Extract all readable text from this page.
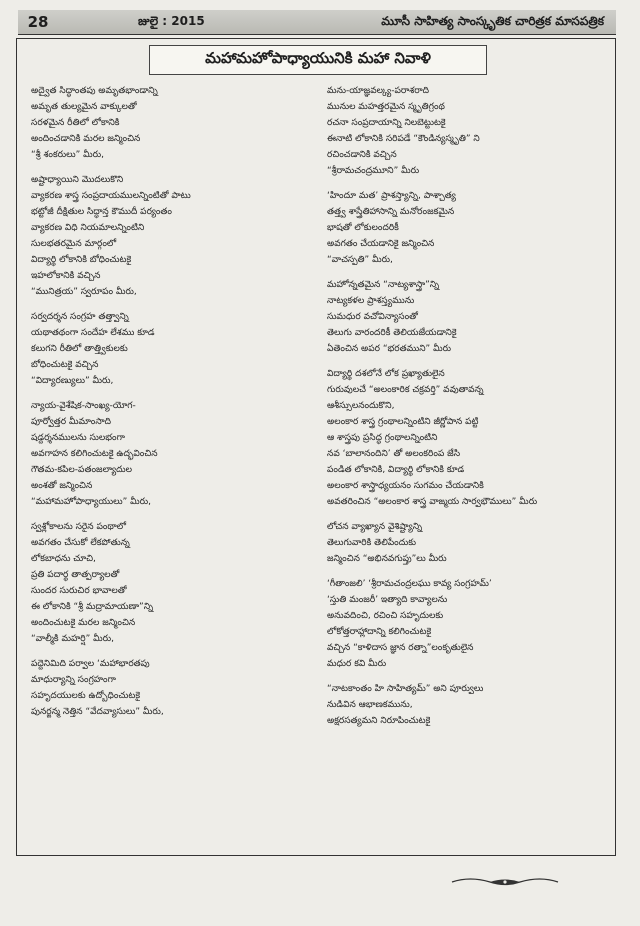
28	జులై : 2015	మూసీ సాహిత్య సాంస్కృతిక చారిత్రక మాసపత్రిక
మహామహోపాధ్యాయునికి మహా నివాళి
అద్వైత సిద్ధాంతపు అమృతభాండాన్ని
అమృత తుల్యమైన వాక్కులతో
సరళమైన రీతిలో లోకానికి
అందించడానికి మరల జన్మించిన
“శ్రీ శంకరులు” మీరు,
అష్టాధ్యాయిని మొదలుకొని
వ్యాకరణ శాస్త్ర సంప్రదాయములన్నింటితో పాటు
భట్టోజీ దీక్షితుల సిద్ధాన్త కౌముదీ పర్యంతం
వ్యాకరణ విధి నియమాలన్నింటిని
సులభతరమైన మార్గంలో
విద్యార్థి లోకానికి బోధించుటకై
ఇహలోకానికి వచ్చిన
“మునిత్రయ” స్వరూపం మీరు,
సర్వదర్శన సంగ్రహ తత్త్వాన్ని
యథాతథంగా సందేహ లేశము కూడ
కలుగని రీతిలో తాత్త్వికులకు
బోధించుటకై వచ్చిన
“విద్యారణ్యులు” మీరు,
న్యాయ-వైశేషిక-సాంఖ్య-యోగ-
పూర్వోత్తర మీమాంసాది
షడ్దర్శనములను సులభంగా
అవగాహన కలిగించుటకై ఉద్భవించిన
గౌతమ-కపిల-పతంజల్యాదుల
అంశతో జన్మించిన
“మహామహోపాధ్యాయులు” మీరు,
స్వశ్లోకాలను సరైన పంథాలో
అవగతం చేసుకో లేకపోతున్న
లోకబాధను చూచి,
ప్రతి పదార్థ తాత్పర్యాలతో
సుందర సురుచిర భావాలతో
ఈ లోకానికి “శ్రీ మద్రామాయణా”న్ని
అందించుటకై మరల జన్మించిన
“వాల్మీకి మహర్షి” మీరు,
పద్దెనిమిది పర్వాల ‘మహాభారతపు
మాధుర్యాన్ని సంగ్రహంగా
సహృదయులకు ఉద్బోధించుటకై
పునర్జన్మ నెత్తిన “వేదవ్యాసులు” మీరు,
మను-యాజ్ఞవల్క్య-పరాశరాది
మునుల మహత్తరమైన స్మృతిగ్రంథ
రచనా సంప్రదాయాన్ని నిలబెట్టుటకై
ఈనాటి లోకానికి సరిపడే “కౌండిన్యస్మృతి” ని
రచించడానికి వచ్చిన
“శ్రీరామచంద్రమూని” మీరు
‘హిందూ మత’ ప్రాశస్త్యాన్ని, పాశ్చాత్య
తత్త్వ శాస్త్రేతిహాసాన్ని మనోరంజకమైన
భాషతో లోకులందరికీ
అవగతం చేయడానికై జన్మించిన
“వాచస్పతి” మీరు,
మహోన్నతమైన “నాట్యశాస్త్రా”న్ని
నాట్యకళల ప్రాశస్త్యమును
సుమధుర వచోవిన్యాసంతో
తెలుగు వారందరికీ తెలియజేయడానికై
ఏతెంచిన అపర “భరతముని” మీరు
విద్యార్థి దశలోనే లోక ప్రఖ్యాతులైన
గురువులచే “అలంకారిక చక్రవర్తి” వవుతావన్న
ఆశీస్సులనందుకొని,
అలంకార శాస్త్ర గ్రంథాలన్నింటిని జీర్ణోపాన పట్టి
ఆ శాస్త్రపు ప్రసిద్ధ గ్రంథాలన్నింటిని
నవ ‘బాలానందిని’ తో అలంకరింప జేసి
పండిత లోకానికి, విద్యార్థి లోకానికి కూడ
అలంకార శాస్త్రాధ్యయనం సుగమం చేయడానికి
అవతరించిన “అలంకార శాస్త్ర వాఙ్మయ సార్వభౌములు” మీరు
లోచన వ్యాఖ్యాన వైశిష్ట్యాన్ని
తెలుగువారికి తెలిపేందుకు
జన్మించిన “అభినవగుప్తు”లు మీరు
‘గీతాంజలి’ ‘శ్రీరామచంద్రలఘు కావ్య సంగ్రహమ్’
‘స్తుతి మంజరీ’ ఇత్యాది కావ్యాలను
అనువదించి, రచించి సహృదులకు
లోకోత్తరాహ్లాదాన్ని కలిగించుటకై
వచ్చిన “కాళిదాస జ్ఞాన రత్నా”లంకృతులైన
మధుర కవి మీరు
“నాటకాంతం హి సాహిత్యమ్” అని పూర్వులు
నుడివిన ఆభాణకమును,
అక్షరసత్యమని నిరూపించుటకై
